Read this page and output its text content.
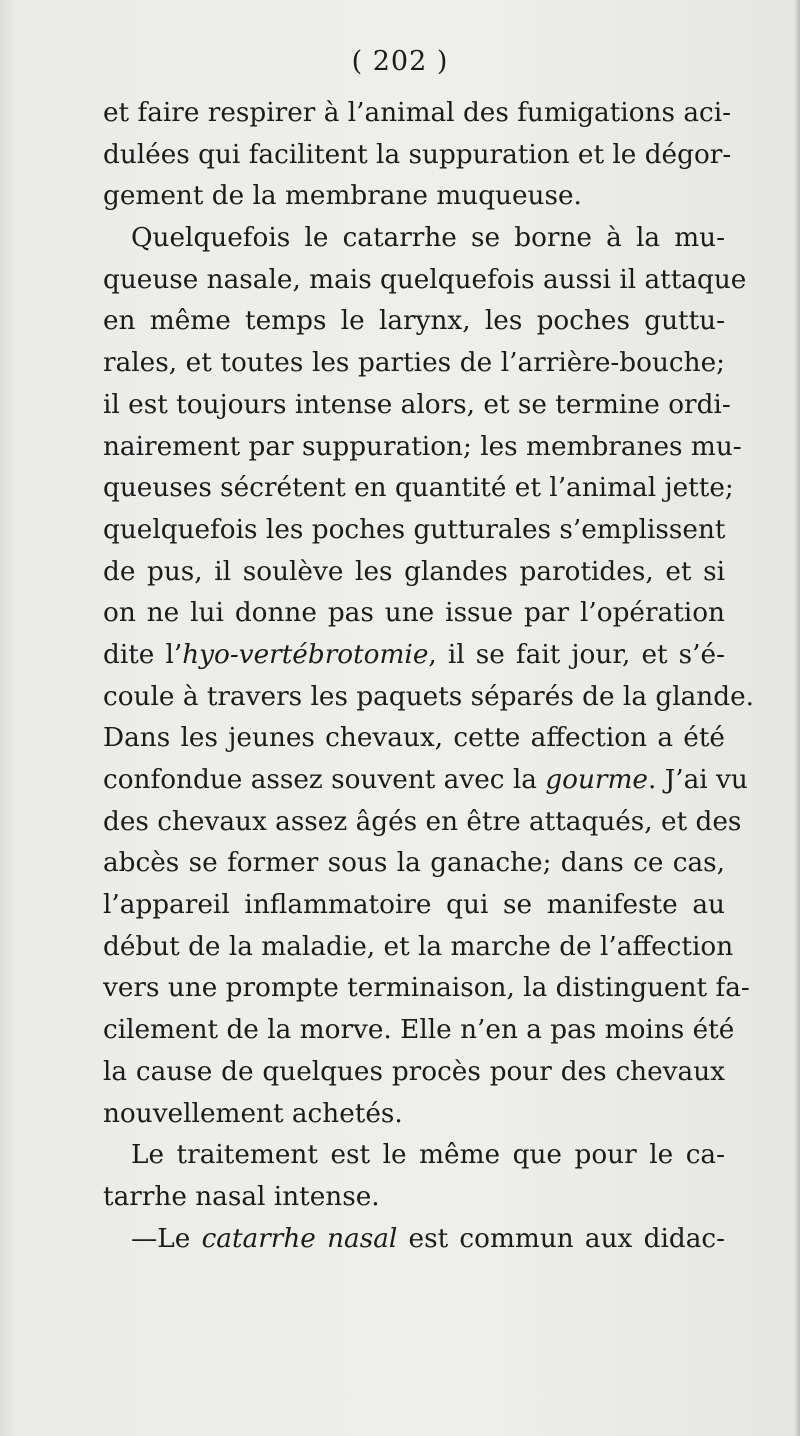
( 202 )
et faire respirer à l’animal des fumigations aci-
dulées qui facilitent la suppuration et le dégor-
gement de la membrane muqueuse.
Quelquefois le catarrhe se borne à la mu-
queuse nasale, mais quelquefois aussi il attaque
en même temps le larynx, les poches guttu-
rales, et toutes les parties de l’arrière-bouche;
il est toujours intense alors, et se termine ordi-
nairement par suppuration; les membranes mu-
queuses sécrétent en quantité et l’animal jette;
quelquefois les poches gutturales s’emplissent
de pus, il soulève les glandes parotides, et si
on ne lui donne pas une issue par l’opération
dite l’hyo-vertébrotomie, il se fait jour, et s’é-
coule à travers les paquets séparés de la glande.
Dans les jeunes chevaux, cette affection a été
confondue assez souvent avec la gourme. J’ai vu
des chevaux assez âgés en être attaqués, et des
abcès se former sous la ganache; dans ce cas,
l’appareil inflammatoire qui se manifeste au
début de la maladie, et la marche de l’affection
vers une prompte terminaison, la distinguent fa-
cilement de la morve. Elle n’en a pas moins été
la cause de quelques procès pour des chevaux
nouvellement achetés.
Le traitement est le même que pour le ca-
tarrhe nasal intense.
—Le catarrhe nasal est commun aux didac-
